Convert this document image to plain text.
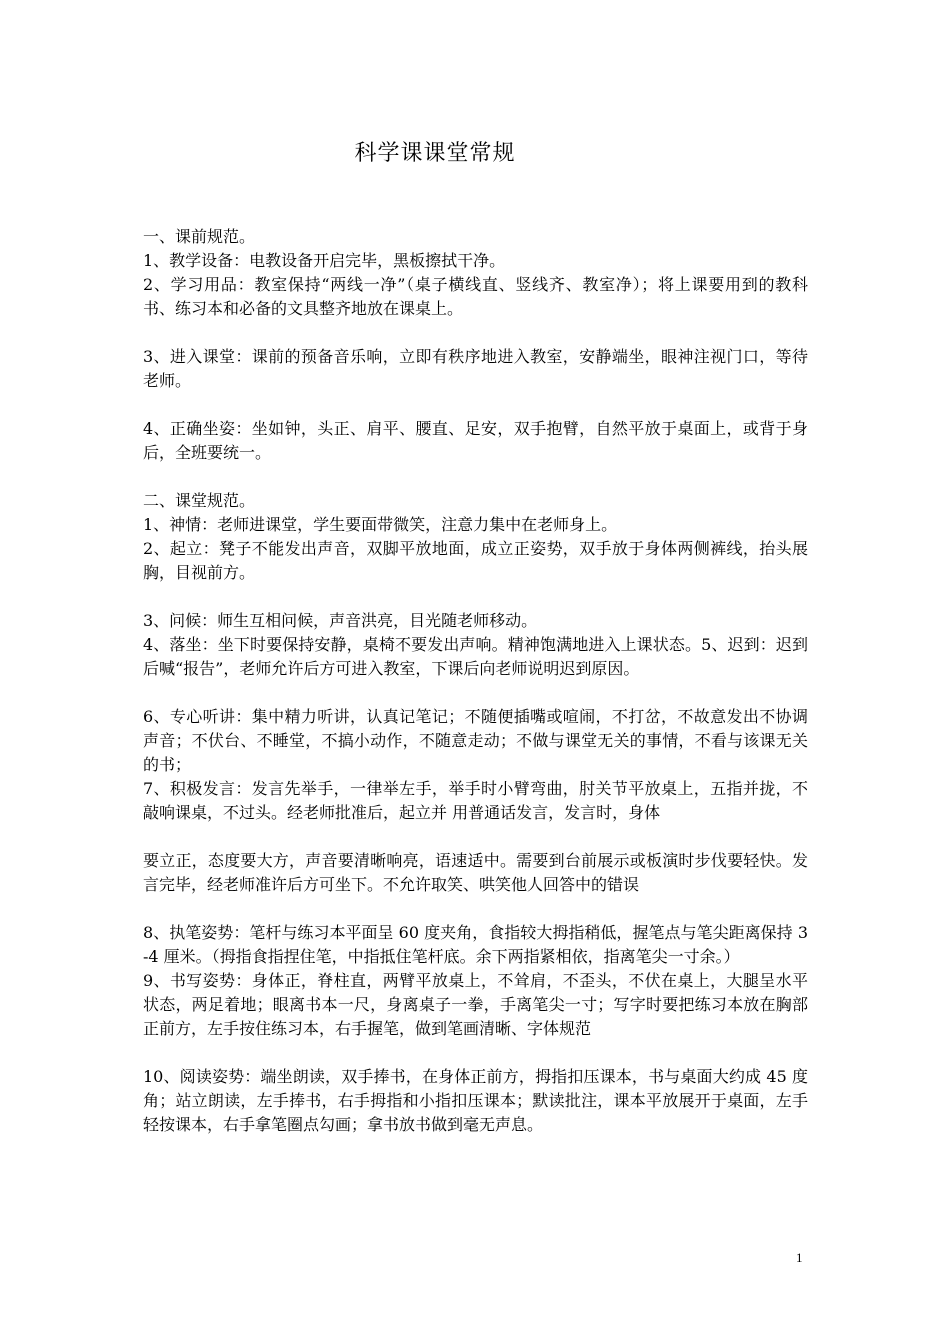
科学课课堂常规

一、课前规范。

1、教学设备：电教设备开启完毕，黑板擦拭干净。

2、学习用品：教室保持“两线一净”（桌子横线直、竖线齐、教室净）；将上课要用到的教科书、练习本和必备的文具整齐地放在课桌上。

3、进入课堂：课前的预备音乐响，立即有秩序地进入教室，安静端坐，眼神注视门口，等待老师。

4、正确坐姿：坐如钟，头正、肩平、腰直、足安，双手抱臂，自然平放于桌面上，或背于身后，全班要统一。

二、课堂规范。

1、神情：老师进课堂，学生要面带微笑，注意力集中在老师身上。

2、起立：凳子不能发出声音，双脚平放地面，成立正姿势，双手放于身体两侧裤线，抬头展胸，目视前方。

3、问候：师生互相问候，声音洪亮，目光随老师移动。

4、落坐：坐下时要保持安静，桌椅不要发出声响。精神饱满地进入上课状态。5、迟到：迟到后喊“报告”，老师允许后方可进入教室，下课后向老师说明迟到原因。

6、专心听讲：集中精力听讲，认真记笔记；不随便插嘴或喧闹，不打岔，不故意发出不协调声音；不伏台、不睡堂，不搞小动作，不随意走动；不做与课堂无关的事情，不看与该课无关的书；

7、积极发言：发言先举手，一律举左手，举手时小臂弯曲，肘关节平放桌上，五指并拢，不敲响课桌，不过头。经老师批准后，起立并 用普通话发言，发言时，身体

要立正，态度要大方，声音要清晰响亮，语速适中。需要到台前展示或板演时步伐要轻快。发言完毕，经老师准许后方可坐下。不允许取笑、哄笑他人回答中的错误

8、执笔姿势：笔杆与练习本平面呈 60 度夹角，食指较大拇指稍低，握笔点与笔尖距离保持 3-4 厘米。（拇指食指捏住笔，中指抵住笔杆底。余下两指紧相依，指离笔尖一寸余。）

9、书写姿势：身体正，脊柱直，两臂平放桌上，不耸肩，不歪头，不伏在桌上，大腿呈水平状态，两足着地；眼离书本一尺，身离桌子一拳，手离笔尖一寸；写字时要把练习本放在胸部正前方，左手按住练习本，右手握笔，做到笔画清晰、字体规范

10、阅读姿势：端坐朗读，双手捧书，在身体正前方，拇指扣压课本，书与桌面大约成 45 度角；站立朗读，左手捧书，右手拇指和小指扣压课本；默读批注，课本平放展开于桌面，左手轻按课本，右手拿笔圈点勾画；拿书放书做到毫无声息。

1
